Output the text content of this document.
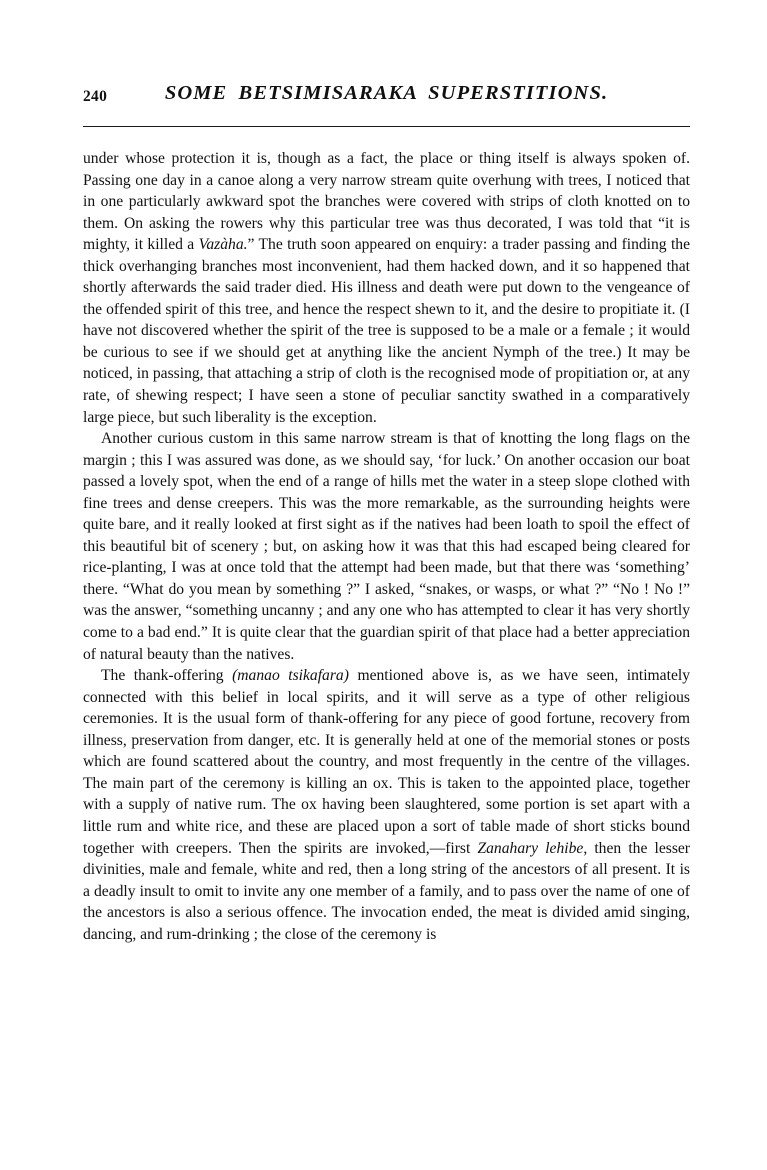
240	SOME BETSIMISARAKA SUPERSTITIONS.

under whose protection it is, though as a fact, the place or thing itself is always spoken of. Passing one day in a canoe along a very narrow stream quite overhung with trees, I noticed that in one particularly awkward spot the branches were covered with strips of cloth knotted on to them. On asking the rowers why this particular tree was thus decorated, I was told that “it is mighty, it killed a Vazàha.” The truth soon appeared on enquiry: a trader passing and finding the thick overhanging branches most inconvenient, had them hacked down, and it so happened that shortly afterwards the said trader died. His illness and death were put down to the vengeance of the offended spirit of this tree, and hence the respect shewn to it, and the desire to propitiate it. (I have not discovered whether the spirit of the tree is supposed to be a male or a female ; it would be curious to see if we should get at anything like the ancient Nymph of the tree.) It may be noticed, in passing, that attaching a strip of cloth is the recognised mode of propitiation or, at any rate, of shewing respect; I have seen a stone of peculiar sanctity swathed in a comparatively large piece, but such liberality is the exception.

Another curious custom in this same narrow stream is that of knotting the long flags on the margin ; this I was assured was done, as we should say, ‘for luck.’ On another occasion our boat passed a lovely spot, when the end of a range of hills met the water in a steep slope clothed with fine trees and dense creepers. This was the more remarkable, as the surrounding heights were quite bare, and it really looked at first sight as if the natives had been loath to spoil the effect of this beautiful bit of scenery ; but, on asking how it was that this had escaped being cleared for rice-planting, I was at once told that the attempt had been made, but that there was ‘something’ there. “What do you mean by something ?” I asked, “snakes, or wasps, or what ?” “No ! No !” was the answer, “something uncanny ; and any one who has attempted to clear it has very shortly come to a bad end.” It is quite clear that the guardian spirit of that place had a better appreciation of natural beauty than the natives.

The thank-offering (manao tsikafara) mentioned above is, as we have seen, intimately connected with this belief in local spirits, and it will serve as a type of other religious ceremonies. It is the usual form of thank-offering for any piece of good fortune, recovery from illness, preservation from danger, etc. It is generally held at one of the memorial stones or posts which are found scattered about the country, and most frequently in the centre of the villages. The main part of the ceremony is killing an ox. This is taken to the appointed place, together with a supply of native rum. The ox having been slaughtered, some portion is set apart with a little rum and white rice, and these are placed upon a sort of table made of short sticks bound together with creepers. Then the spirits are invoked,—first Zanahary lehibe, then the lesser divinities, male and female, white and red, then a long string of the ancestors of all present. It is a deadly insult to omit to invite any one member of a family, and to pass over the name of one of the ancestors is also a serious offence. The invocation ended, the meat is divided amid singing, dancing, and rum-drinking ; the close of the ceremony is
